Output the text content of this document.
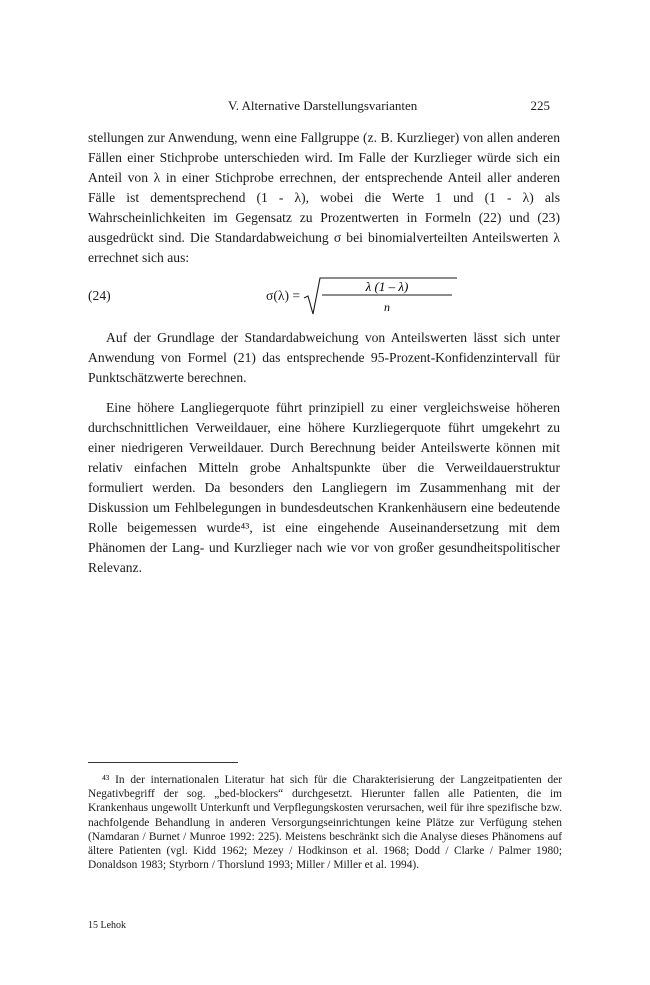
V. Alternative Darstellungsvarianten	225

stellungen zur Anwendung, wenn eine Fallgruppe (z. B. Kurzlieger) von allen anderen Fällen einer Stichprobe unterschieden wird. Im Falle der Kurzlieger würde sich ein Anteil von λ in einer Stichprobe errechnen, der entsprechende Anteil aller anderen Fälle ist dementsprechend (1 - λ), wobei die Werte 1 und (1 - λ) als Wahrscheinlichkeiten im Gegensatz zu Prozentwerten in Formeln (22) und (23) ausgedrückt sind. Die Standardabweichung σ bei binomialverteilten Anteilswerten λ errechnet sich aus:

(24)	σ(λ) =
λ (1 – λ)
n

Auf der Grundlage der Standardabweichung von Anteilswerten lässt sich unter Anwendung von Formel (21) das entsprechende 95-Prozent-Konfidenzintervall für Punktschätzwerte berechnen.

Eine höhere Langliegerquote führt prinzipiell zu einer vergleichsweise höheren durchschnittlichen Verweildauer, eine höhere Kurzliegerquote führt umgekehrt zu einer niedrigeren Verweildauer. Durch Berechnung beider Anteilswerte können mit relativ einfachen Mitteln grobe Anhaltspunkte über die Verweildauerstruktur formuliert werden. Da besonders den Langliegern im Zusammenhang mit der Diskussion um Fehlbelegungen in bundesdeutschen Krankenhäusern eine bedeutende Rolle beigemessen wurde⁴³, ist eine eingehende Auseinandersetzung mit dem Phänomen der Lang- und Kurzlieger nach wie vor von großer gesundheitspolitischer Relevanz.

⁴³ In der internationalen Literatur hat sich für die Charakterisierung der Langzeitpatienten der Negativbegriff der sog. „bed-blockers“ durchgesetzt. Hierunter fallen alle Patienten, die im Krankenhaus ungewollt Unterkunft und Verpflegungskosten verursachen, weil für ihre spezifische bzw. nachfolgende Behandlung in anderen Versorgungseinrichtungen keine Plätze zur Verfügung stehen (Namdaran / Burnet / Munroe 1992: 225). Meistens beschränkt sich die Analyse dieses Phänomens auf ältere Patienten (vgl. Kidd 1962; Mezey / Hodkinson et al. 1968; Dodd / Clarke / Palmer 1980; Donaldson 1983; Styrborn / Thorslund 1993; Miller / Miller et al. 1994).

15 Lehok
